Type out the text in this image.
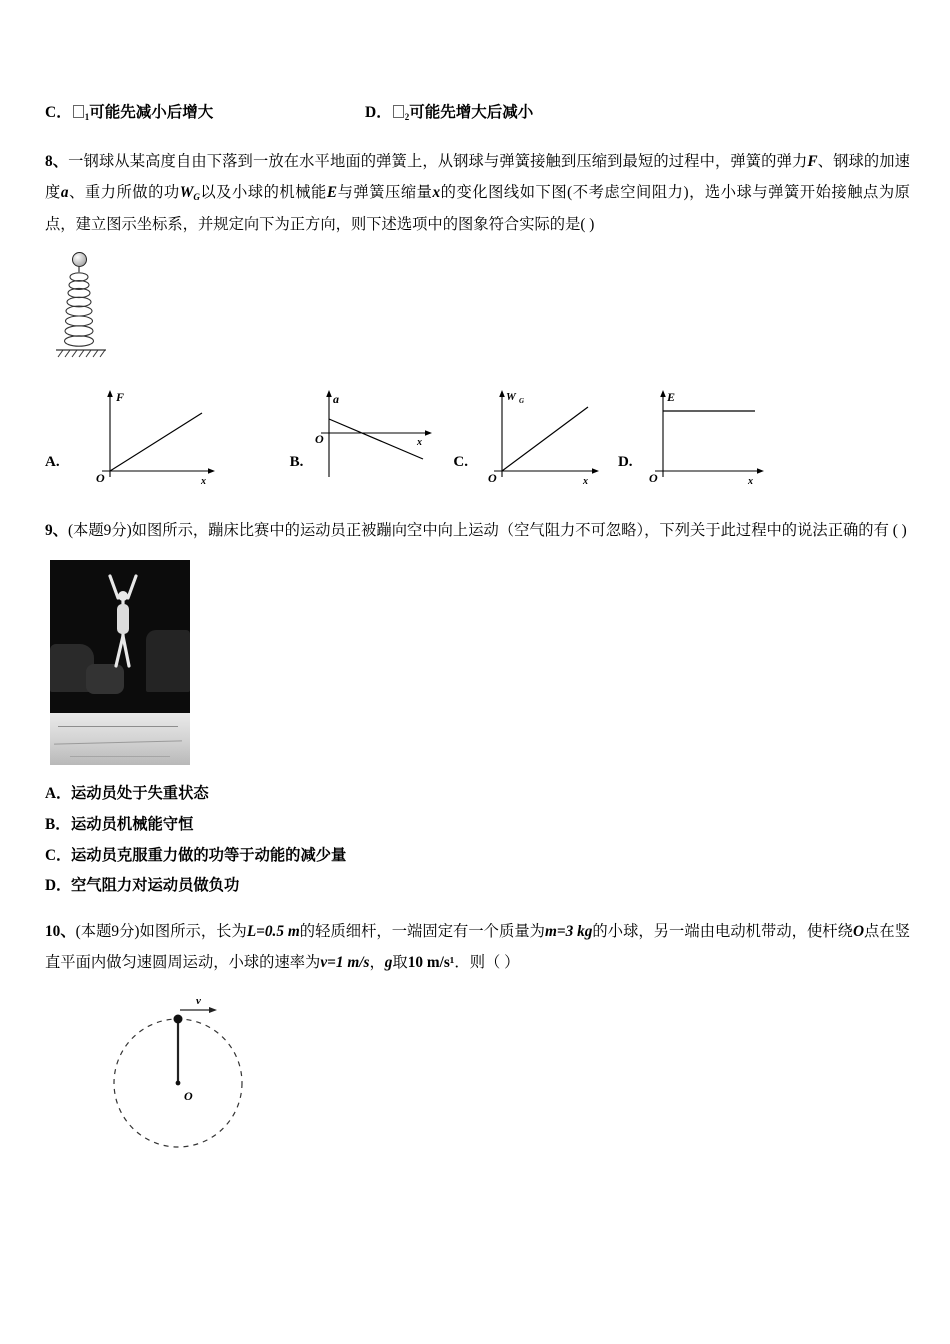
C． $_1$可能先减小后增大	D． $_2$可能先增大后减小
8、一钢球从某高度自由下落到一放在水平地面的弹簧上，从钢球与弹簧接触到压缩到最短的过程中，弹簧的弹力F、钢球的加速度a、重力所做的功$W_G$以及小球的机械能E与弹簧压缩量x的变化图线如下图(不考虑空间阻力)，选小球与弹簧开始接触点为原点，建立图示坐标系，并规定向下为正方向，则下述选项中的图象符合实际的是( )
A.
F
O	x
B.
a
O	x
C.
W G
O	x
D.
E
O	x
9、(本题9分)如图所示，蹦床比赛中的运动员正被蹦向空中向上运动（空气阻力不可忽略），下列关于此过程中的说法正确的有 ( )
A．运动员处于失重状态
B．运动员机械能守恒
C．运动员克服重力做的功等于动能的减少量
D．空气阻力对运动员做负功
10、(本题9分)如图所示，长为L=0.5 m的轻质细杆，一端固定有一个质量为m=3 kg的小球，另一端由电动机带动，使杆绕O点在竖直平面内做匀速圆周运动，小球的速率为v=1 m/s，g取10 m/s¹．则（ ）
v
O
